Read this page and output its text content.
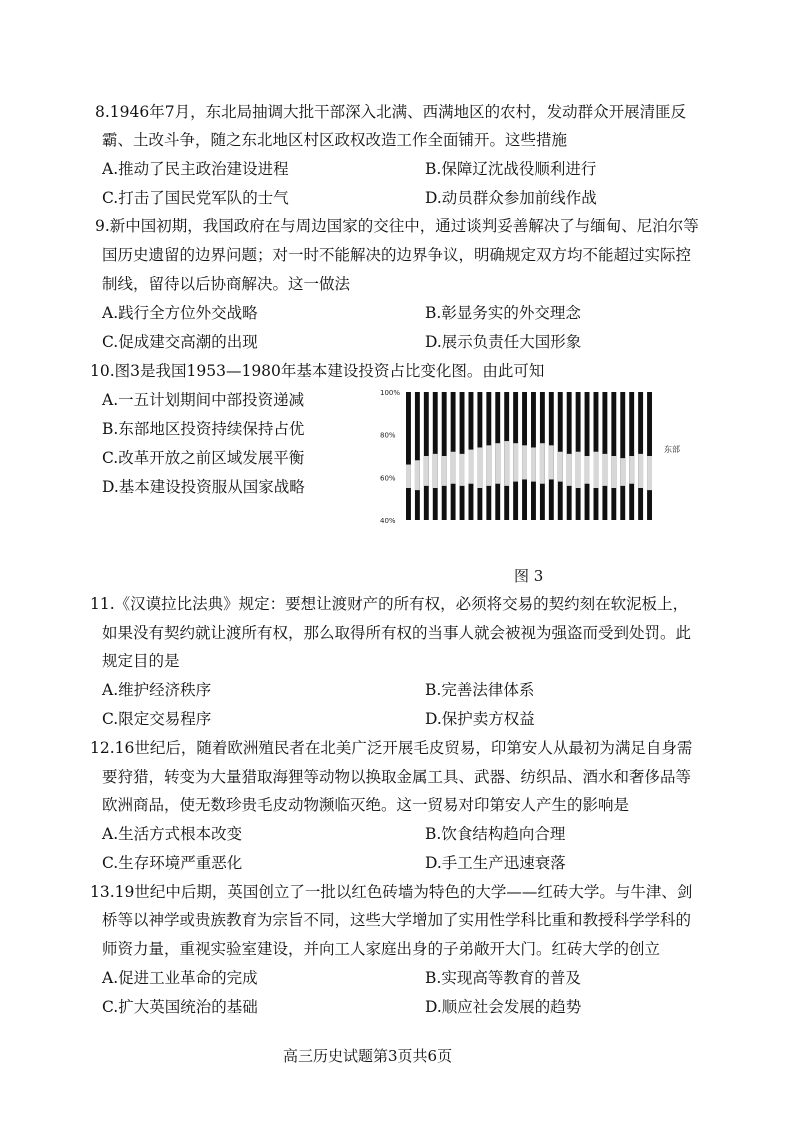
8.1946年7月，东北局抽调大批干部深入北满、西满地区的农村，发动群众开展清匪反
霸、土改斗争，随之东北地区村区政权改造工作全面铺开。这些措施
A.推动了民主政治建设进程	B.保障辽沈战役顺利进行
C.打击了国民党军队的士气	D.动员群众参加前线作战
9.新中国初期，我国政府在与周边国家的交往中，通过谈判妥善解决了与缅甸、尼泊尔等
国历史遗留的边界问题；对一时不能解决的边界争议，明确规定双方均不能超过实际控
制线，留待以后协商解决。这一做法
A.践行全方位外交战略	B.彰显务实的外交理念
C.促成建交高潮的出现	D.展示负责任大国形象
10.图3是我国1953—1980年基本建设投资占比变化图。由此可知
A.一五计划期间中部投资递减
B.东部地区投资持续保持占优
C.改革开放之前区域发展平衡
D.基本建设投资服从国家战略
100%
80%
60%
40%
东部
图 3
11.《汉谟拉比法典》规定：要想让渡财产的所有权，必须将交易的契约刻在软泥板上，
如果没有契约就让渡所有权，那么取得所有权的当事人就会被视为强盗而受到处罚。此
规定目的是
A.维护经济秩序	B.完善法律体系
C.限定交易程序	D.保护卖方权益
12.16世纪后，随着欧洲殖民者在北美广泛开展毛皮贸易，印第安人从最初为满足自身需
要狩猎，转变为大量猎取海狸等动物以换取金属工具、武器、纺织品、酒水和奢侈品等
欧洲商品，使无数珍贵毛皮动物濒临灭绝。这一贸易对印第安人产生的影响是
A.生活方式根本改变	B.饮食结构趋向合理
C.生存环境严重恶化	D.手工生产迅速衰落
13.19世纪中后期，英国创立了一批以红色砖墙为特色的大学——红砖大学。与牛津、剑
桥等以神学或贵族教育为宗旨不同，这些大学增加了实用性学科比重和教授科学学科的
师资力量，重视实验室建设，并向工人家庭出身的子弟敞开大门。红砖大学的创立
A.促进工业革命的完成	B.实现高等教育的普及
C.扩大英国统治的基础	D.顺应社会发展的趋势
高三历史试题第3页共6页
